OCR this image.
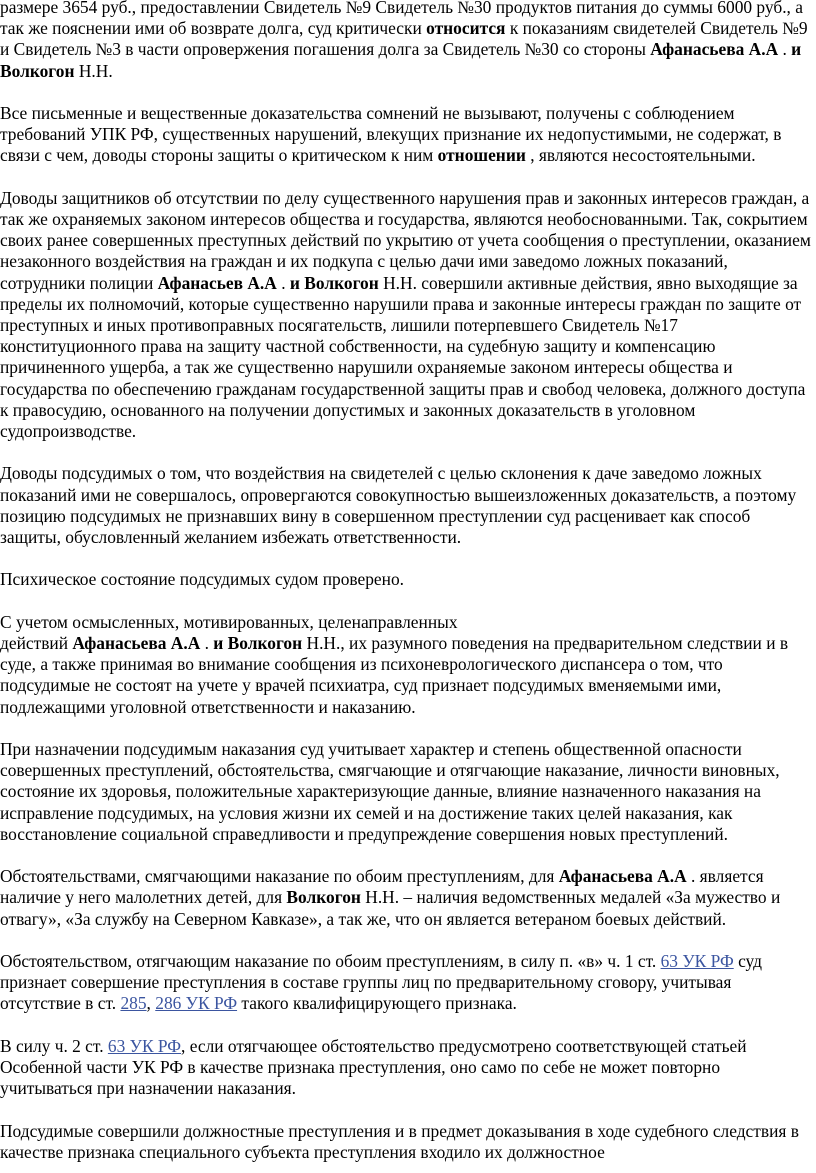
размере 3654 руб., предоставлении Свидетель №9 Свидетель №30 продуктов питания до суммы 6000 руб., а так же пояснении ими об возврате долга, суд критически относится к показаниям свидетелей Свидетель №9 и Свидетель №3 в части опровержения погашения долга за Свидетель №30 со стороны Афанасьева А.А . и Волкогон Н.Н.

Все письменные и вещественные доказательства сомнений не вызывают, получены с соблюдением требований УПК РФ, существенных нарушений, влекущих признание их недопустимыми, не содержат, в связи с чем, доводы стороны защиты о критическом к ним отношении , являются несостоятельными.

Доводы защитников об отсутствии по делу существенного нарушения прав и законных интересов граждан, а так же охраняемых законом интересов общества и государства, являются необоснованными. Так, сокрытием своих ранее совершенных преступных действий по укрытию от учета сообщения о преступлении, оказанием незаконного воздействия на граждан и их подкупа с целью дачи ими заведомо ложных показаний, сотрудники полиции Афанасьев А.А . и Волкогон Н.Н. совершили активные действия, явно выходящие за пределы их полномочий, которые существенно нарушили права и законные интересы граждан по защите от преступных и иных противоправных посягательств, лишили потерпевшего Свидетель №17 конституционного права на защиту частной собственности, на судебную защиту и компенсацию причиненного ущерба, а так же существенно нарушили охраняемые законом интересы общества и государства по обеспечению гражданам государственной защиты прав и свобод человека, должного доступа к правосудию, основанного на получении допустимых и законных доказательств в уголовном судопроизводстве.

Доводы подсудимых о том, что воздействия на свидетелей с целью склонения к даче заведомо ложных показаний ими не совершалось, опровергаются совокупностью вышеизложенных доказательств, а поэтому позицию подсудимых не признавших вину в совершенном преступлении суд расценивает как способ защиты, обусловленный желанием избежать ответственности.

Психическое состояние подсудимых судом проверено.

С учетом осмысленных, мотивированных, целенаправленных
действий Афанасьева А.А . и Волкогон Н.Н., их разумного поведения на предварительном следствии и в суде, а также принимая во внимание сообщения из психоневрологического диспансера о том, что подсудимые не состоят на учете у врачей психиатра, суд признает подсудимых вменяемыми ими, подлежащими уголовной ответственности и наказанию.

При назначении подсудимым наказания суд учитывает характер и степень общественной опасности совершенных преступлений, обстоятельства, смягчающие и отягчающие наказание, личности виновных, состояние их здоровья, положительные характеризующие данные, влияние назначенного наказания на исправление подсудимых, на условия жизни их семей и на достижение таких целей наказания, как восстановление социальной справедливости и предупреждение совершения новых преступлений.

Обстоятельствами, смягчающими наказание по обоим преступлениям, для Афанасьева А.А . является наличие у него малолетних детей, для Волкогон Н.Н. – наличия ведомственных медалей «За мужество и отвагу», «За службу на Северном Кавказе», а так же, что он является ветераном боевых действий.

Обстоятельством, отягчающим наказание по обоим преступлениям, в силу п. «в» ч. 1 ст. 63 УК РФ суд признает совершение преступления в составе группы лиц по предварительному сговору, учитывая отсутствие в ст. 285, 286 УК РФ такого квалифицирующего признака.

В силу ч. 2 ст. 63 УК РФ, если отягчающее обстоятельство предусмотрено соответствующей статьей Особенной части УК РФ в качестве признака преступления, оно само по себе не может повторно учитываться при назначении наказания.

Подсудимые совершили должностные преступления и в предмет доказывания в ходе судебного следствия в качестве признака специального субъекта преступления входило их должностное
